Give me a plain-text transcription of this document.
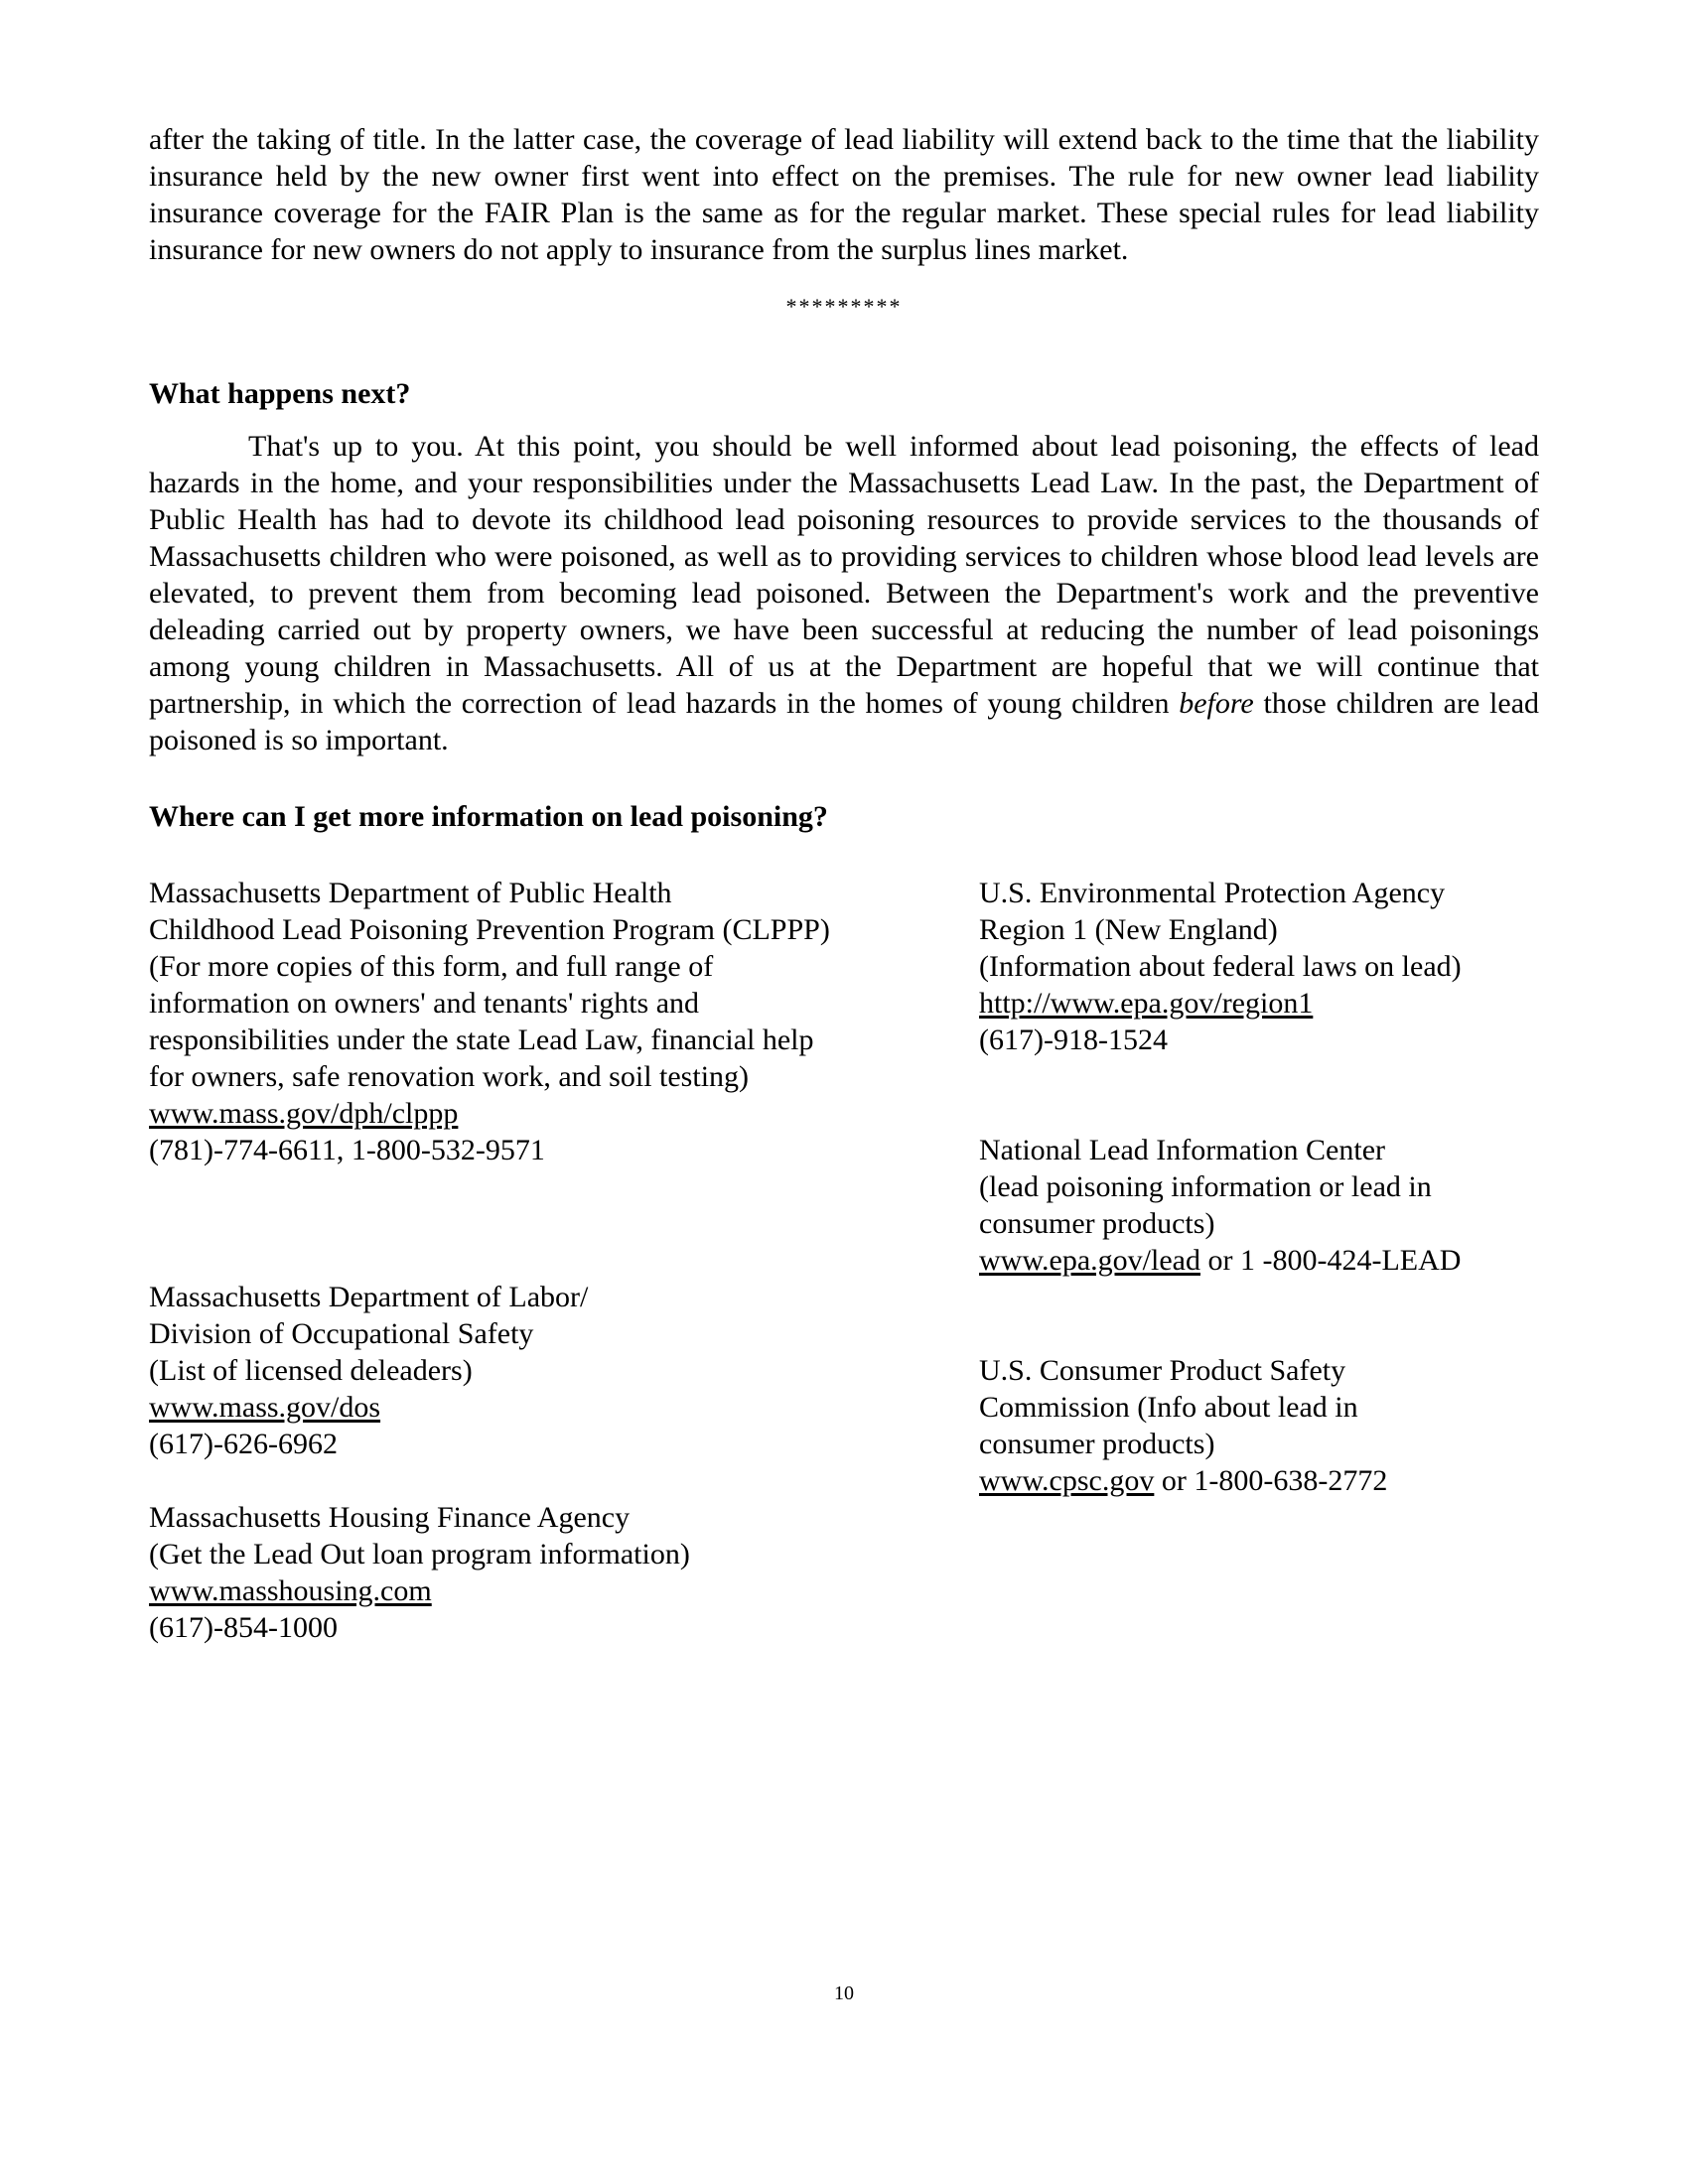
after the taking of title. In the latter case, the coverage of lead liability will extend back to the time that the liability insurance held by the new owner first went into effect on the premises. The rule for new owner lead liability insurance coverage for the FAIR Plan is the same as for the regular market. These special rules for lead liability insurance for new owners do not apply to insurance from the surplus lines market.

*********

What happens next?

That's up to you. At this point, you should be well informed about lead poisoning, the effects of lead hazards in the home, and your responsibilities under the Massachusetts Lead Law. In the past, the Department of Public Health has had to devote its childhood lead poisoning resources to provide services to the thousands of Massachusetts children who were poisoned, as well as to providing services to children whose blood lead levels are elevated, to prevent them from becoming lead poisoned. Between the Department's work and the preventive deleading carried out by property owners, we have been successful at reducing the number of lead poisonings among young children in Massachusetts. All of us at the Department are hopeful that we will continue that partnership, in which the correction of lead hazards in the homes of young children before those children are lead poisoned is so important.

Where can I get more information on lead poisoning?

Massachusetts Department of Public Health
Childhood Lead Poisoning Prevention Program (CLPPP)
(For more copies of this form, and full range of
information on owners' and tenants' rights and
responsibilities under the state Lead Law, financial help
for owners, safe renovation work, and soil testing)
www.mass.gov/dph/clppp
(781)-774-6611, 1-800-532-9571
Massachusetts Department of Labor/
Division of Occupational Safety
(List of licensed deleaders)
www.mass.gov/dos
(617)-626-6962
Massachusetts Housing Finance Agency
(Get the Lead Out loan program information)
www.masshousing.com
(617)-854-1000
U.S. Environmental Protection Agency
Region 1 (New England)
(Information about federal laws on lead)
http://www.epa.gov/region1
(617)-918-1524
National Lead Information Center
(lead poisoning information or lead in
consumer products)
www.epa.gov/lead or 1 -800-424-LEAD
U.S. Consumer Product Safety
Commission (Info about lead in
consumer products)
www.cpsc.gov or 1-800-638-2772
10
